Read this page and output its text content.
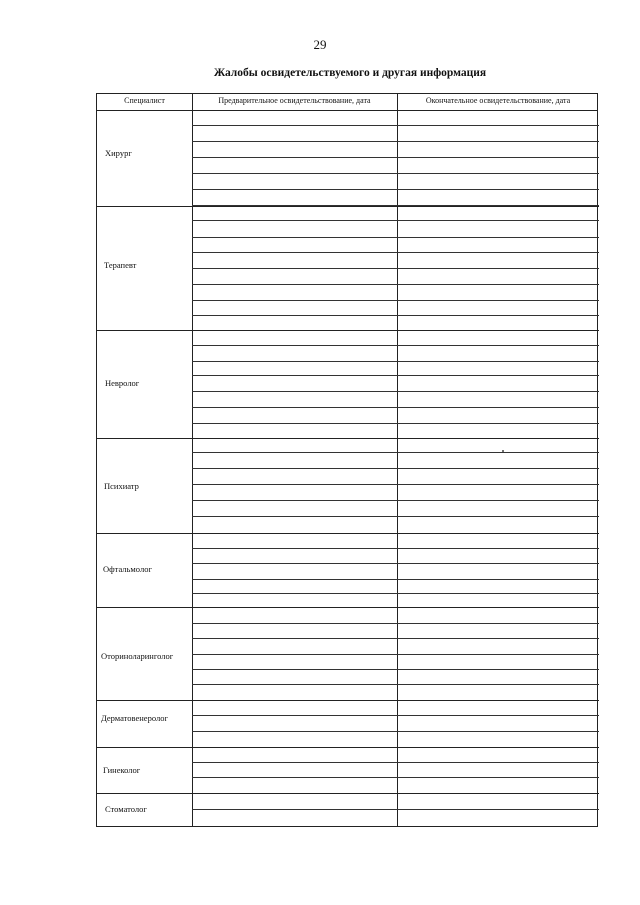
29
Жалобы освидетельствуемого и другая информация
Специалист	Предварительное освидетельствование, дата	Окончательное освидетельствование, дата
Хирург
Терапевт
Невролог
Психиатр
Офтальмолог
Оториноларинголог
Дерматовенеролог
Гинеколог
Стоматолог
